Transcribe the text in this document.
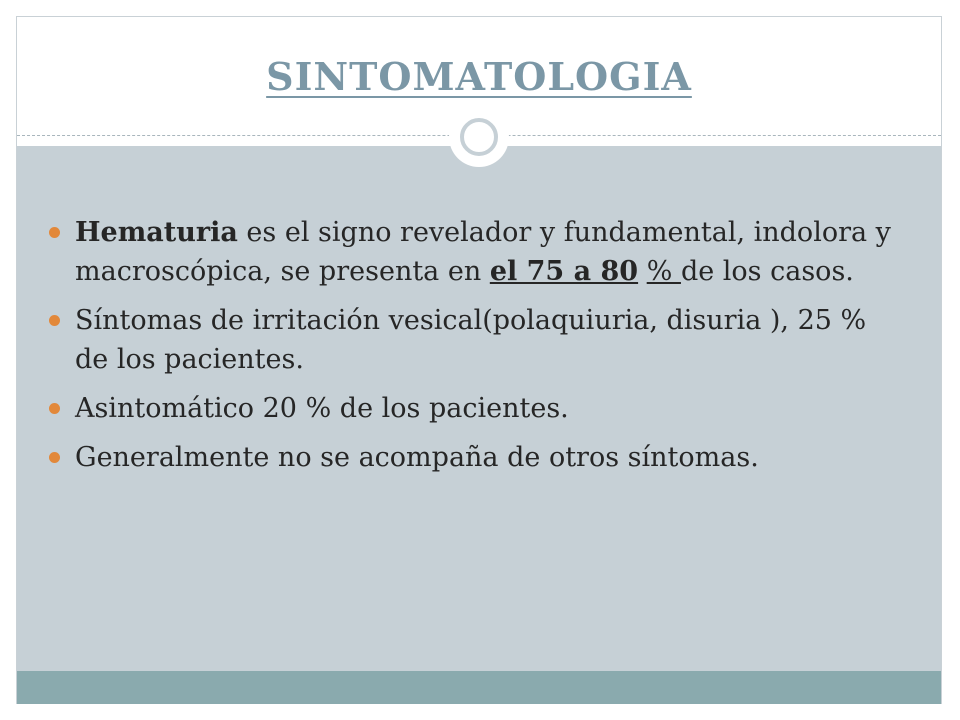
SINTOMATOLOGIA
Hematuria es el signo revelador y fundamental, indolora y macroscópica, se presenta en el 75 a 80 % de los casos.
Síntomas de irritación vesical(polaquiuria, disuria ), 25 % de los pacientes.
Asintomático 20 % de los pacientes.
Generalmente no se acompaña de otros síntomas.
